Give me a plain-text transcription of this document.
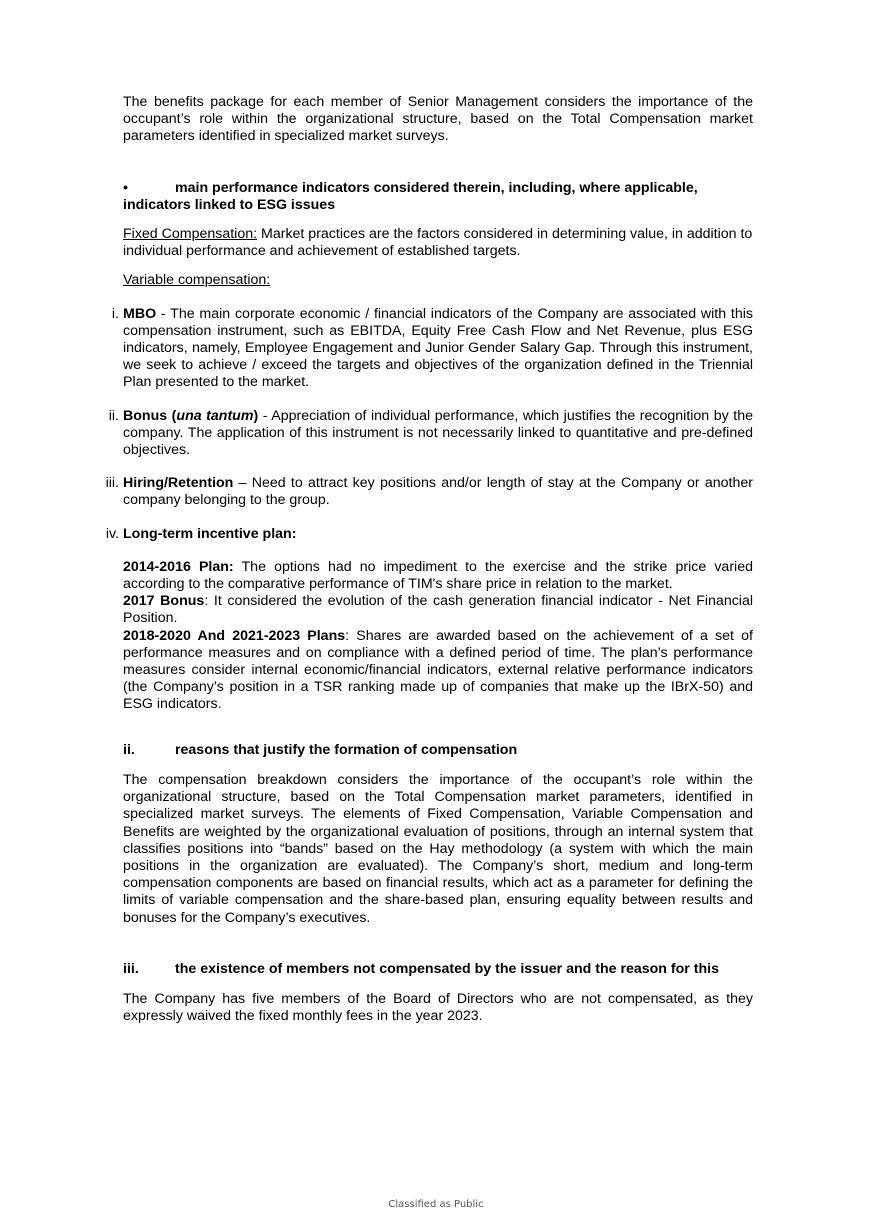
The benefits package for each member of Senior Management considers the importance of the occupant’s role within the organizational structure, based on the Total Compensation market parameters identified in specialized market surveys.

•	main performance indicators considered therein, including, where applicable, indicators linked to ESG issues

Fixed Compensation: Market practices are the factors considered in determining value, in addition to individual performance and achievement of established targets.

Variable compensation:

i. MBO - The main corporate economic / financial indicators of the Company are associated with this compensation instrument, such as EBITDA, Equity Free Cash Flow and Net Revenue, plus ESG indicators, namely, Employee Engagement and Junior Gender Salary Gap. Through this instrument, we seek to achieve / exceed the targets and objectives of the organization defined in the Triennial Plan presented to the market.
ii. Bonus (una tantum) - Appreciation of individual performance, which justifies the recognition by the company. The application of this instrument is not necessarily linked to quantitative and pre-defined objectives.
iii. Hiring/Retention – Need to attract key positions and/or length of stay at the Company or another company belonging to the group.
iv. Long-term incentive plan:

2014-2016 Plan: The options had no impediment to the exercise and the strike price varied according to the comparative performance of TIM's share price in relation to the market.

2017 Bonus: It considered the evolution of the cash generation financial indicator - Net Financial Position.

2018-2020 And 2021-2023 Plans: Shares are awarded based on the achievement of a set of performance measures and on compliance with a defined period of time. The plan’s performance measures consider internal economic/financial indicators, external relative performance indicators (the Company’s position in a TSR ranking made up of companies that make up the IBrX-50) and ESG indicators.

ii.	reasons that justify the formation of compensation

The compensation breakdown considers the importance of the occupant’s role within the organizational structure, based on the Total Compensation market parameters, identified in specialized market surveys. The elements of Fixed Compensation, Variable Compensation and Benefits are weighted by the organizational evaluation of positions, through an internal system that classifies positions into “bands” based on the Hay methodology (a system with which the main positions in the organization are evaluated). The Company’s short, medium and long-term compensation components are based on financial results, which act as a parameter for defining the limits of variable compensation and the share-based plan, ensuring equality between results and bonuses for the Company’s executives.

iii.	the existence of members not compensated by the issuer and the reason for this

The Company has five members of the Board of Directors who are not compensated, as they expressly waived the fixed monthly fees in the year 2023.

Classified as Public
